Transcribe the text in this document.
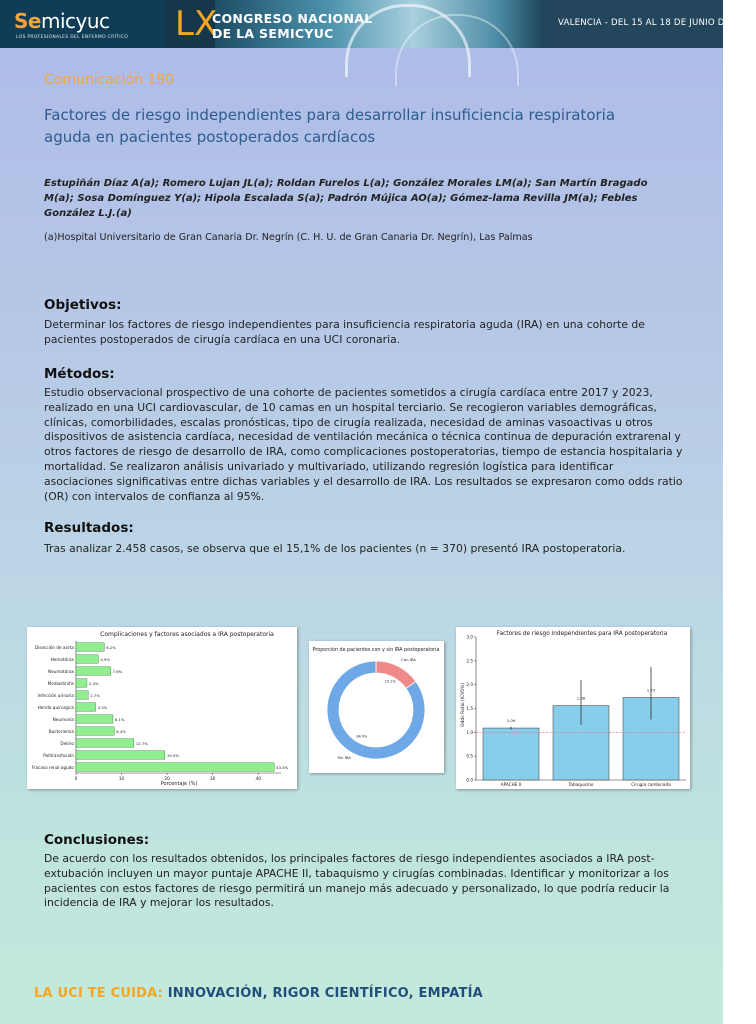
Semicyuc
LOS PROFESIONALES DEL ENFERMO CRÍTICO LX
CONGRESO NACIONAL
DE LA SEMICYUC
VALENCIA - DEL 15 AL 18 DE JUNIO DE 2025
Comunicación 190
Factores de riesgo independientes para desarrollar insuficiencia respiratoria aguda en pacientes postoperados cardíacos
Estupiñán Díaz A(a); Romero Lujan JL(a); Roldan Furelos L(a); González Morales LM(a); San Martín Bragado M(a); Sosa Domínguez Y(a); Hipola Escalada S(a); Padrón Mújica AO(a); Gómez-lama Revilla JM(a); Febles González L.J.(a)
(a)Hospital Universitario de Gran Canaria Dr. Negrín (C. H. U. de Gran Canaria Dr. Negrín), Las Palmas
Objetivos:
Determinar los factores de riesgo independientes para insuficiencia respiratoria aguda (IRA) en una cohorte de pacientes postoperados de cirugía cardíaca en una UCI coronaria.
Métodos:
Estudio observacional prospectivo de una cohorte de pacientes sometidos a cirugía cardíaca entre 2017 y 2023, realizado en una UCI cardiovascular, de 10 camas en un hospital terciario. Se recogieron variables demográficas, clínicas, comorbilidades, escalas pronósticas, tipo de cirugía realizada, necesidad de aminas vasoactivas u otros dispositivos de asistencia cardíaca, necesidad de ventilación mecánica o técnica continua de depuración extrarenal y otros factores de riesgo de desarrollo de IRA, como complicaciones postoperatorias, tiempo de estancia hospitalaria y mortalidad. Se realizaron análisis univariado y multivariado, utilizando regresión logística para identificar asociaciones significativas entre dichas variables y el desarrollo de IRA. Los resultados se expresaron como odds ratio (OR) con intervalos de confianza al 95%.
Resultados:
Tras analizar 2.458 casos, se observa que el 15,1% de los pacientes (n = 370) presentó IRA postoperatoria.
Complicaciones y factores asociados a IRA postoperatoria
Porcentaje (%)
Disección de aorta	6.2%
Hemotórax	4.9%
Neumotórax	7.6%
Mediastinitis	2.4%
Infección urinaria	2.7%
Herida quirúrgica	4.3%
Neumonía	8.1%
Bacteriemia	8.4%
Delirio	12.7%
Politransfusión	19.5%
Fracaso renal agudo	43.5%
0	10	20	30	40
Proporción de pacientes con y sin IRA postoperatoria
Con IRA
15.1%
Sin IRA
84.9%
Factores de riesgo independientes para IRA postoperatoria
Odds Ratio (IC95%)
0.0
0.5
1.0
1.5
2.0
2.5
3.0
1.09
APACHE II
1.56
Tabaquismo
1.73
Cirugía combinada
Conclusiones:
De acuerdo con los resultados obtenidos, los principales factores de riesgo independientes asociados a IRA post-extubación incluyen un mayor puntaje APACHE II, tabaquismo y cirugías combinadas. Identificar y monitorizar a los pacientes con estos factores de riesgo permitirá un manejo más adecuado y personalizado, lo que podría reducir la incidencia de IRA y mejorar los resultados.
LA UCI TE CUIDA: INNOVACIÓN, RIGOR CIENTÍFICO, EMPATÍA
